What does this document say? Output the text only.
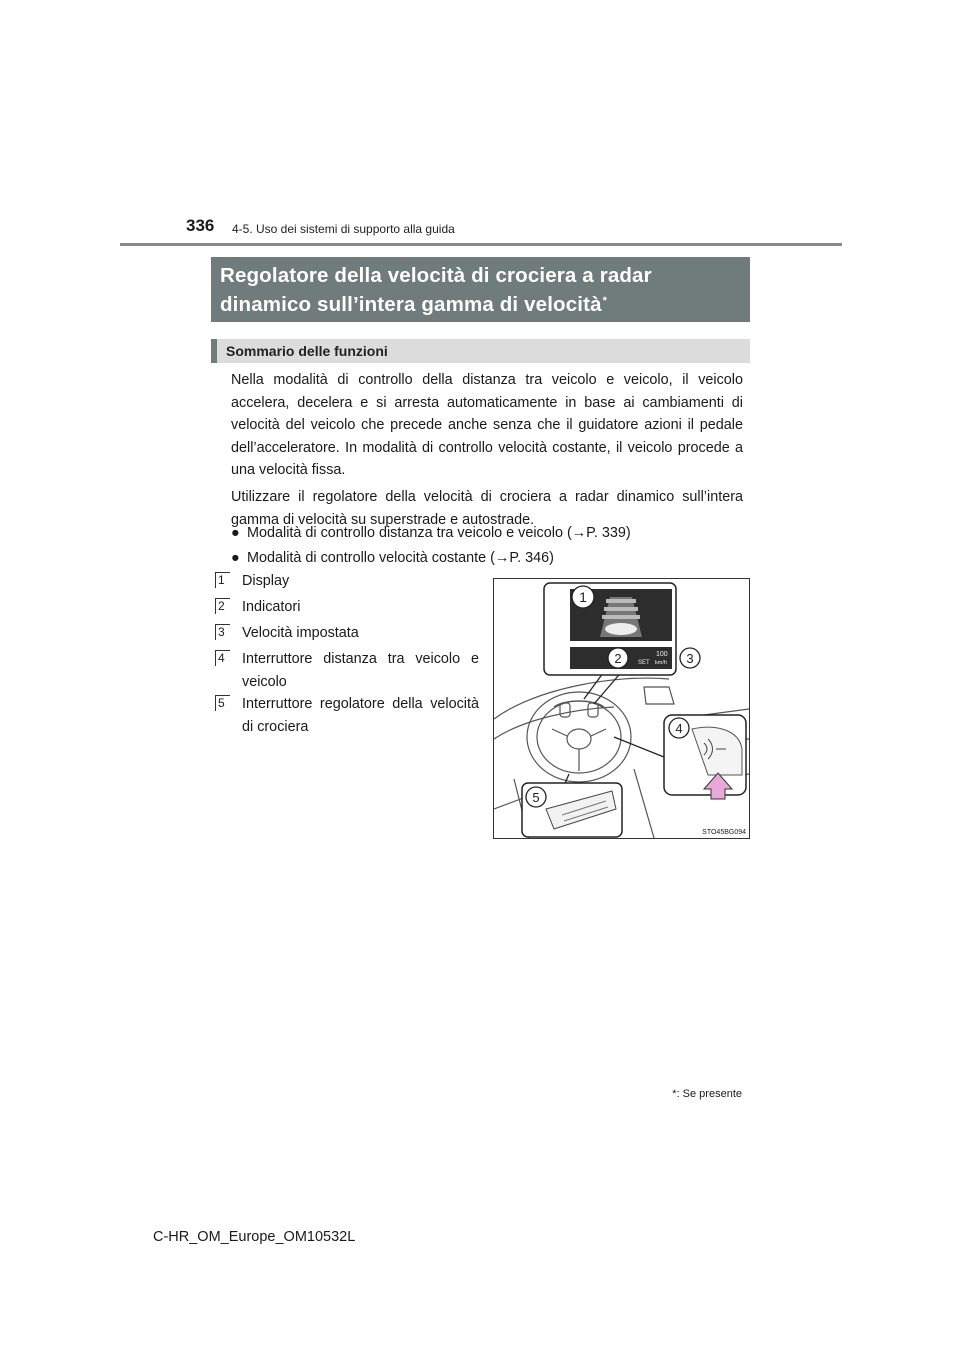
336 4-5. Uso dei sistemi di supporto alla guida
Regolatore della velocità di crociera a radar
dinamico sull’intera gamma di velocità*
Sommario delle funzioni
Nella modalità di controllo della distanza tra veicolo e veicolo, il veicolo accelera, decelera e si arresta automaticamente in base ai cambiamenti di velocità del veicolo che precede anche senza che il guidatore azioni il pedale dell’acceleratore. In modalità di controllo velocità costante, il veicolo procede a una velocità fissa.
Utilizzare il regolatore della velocità di crociera a radar dinamico sull’intera gamma di velocità su superstrade e autostrade.
● Modalità di controllo distanza tra veicolo e veicolo (→P. 339)
● Modalità di controllo velocità costante (→P. 346)
1	Display
2	Indicatori
3	Velocità impostata
4	Interruttore distanza tra veicolo e veicolo
5	Interruttore regolatore della velocità di crociera
1
2	3
SET
100
km/h
4
5
STO45BG094
*: Se presente
C-HR_OM_Europe_OM10532L
